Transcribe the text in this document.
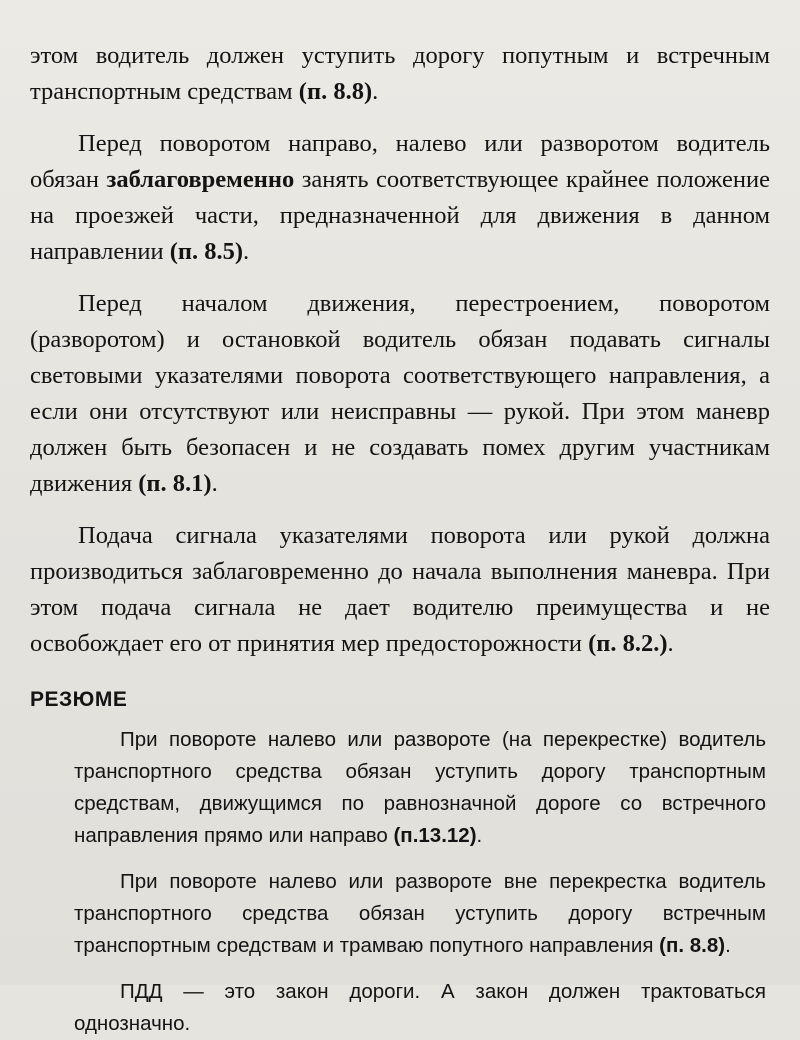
этом водитель должен уступить дорогу попутным и встречным транспортным средствам (п. 8.8).

Перед поворотом направо, налево или разворотом водитель обязан заблаговременно занять соответствующее крайнее положение на проезжей части, предназначенной для движения в данном направлении (п. 8.5).

Перед началом движения, перестроением, поворотом (разворотом) и остановкой водитель обязан подавать сигналы световыми указателями поворота соответствующего направления, а если они отсутствуют или неисправны — рукой. При этом маневр должен быть безопасен и не создавать помех другим участникам движения (п. 8.1).

Подача сигнала указателями поворота или рукой должна производиться заблаговременно до начала выполнения маневра. При этом подача сигнала не дает водителю преимущества и не освобождает его от принятия мер предосторожности (п. 8.2.).

РЕЗЮМЕ

При повороте налево или развороте (на перекрестке) водитель транспортного средства обязан уступить дорогу транспортным средствам, движущимся по равнозначной дороге со встречного направления прямо или направо (п.13.12).

При повороте налево или развороте вне перекрестка водитель транспортного средства обязан уступить дорогу встречным транспортным средствам и трамваю попутного направления (п. 8.8).

ПДД — это закон дороги. А закон должен трактоваться однозначно.
